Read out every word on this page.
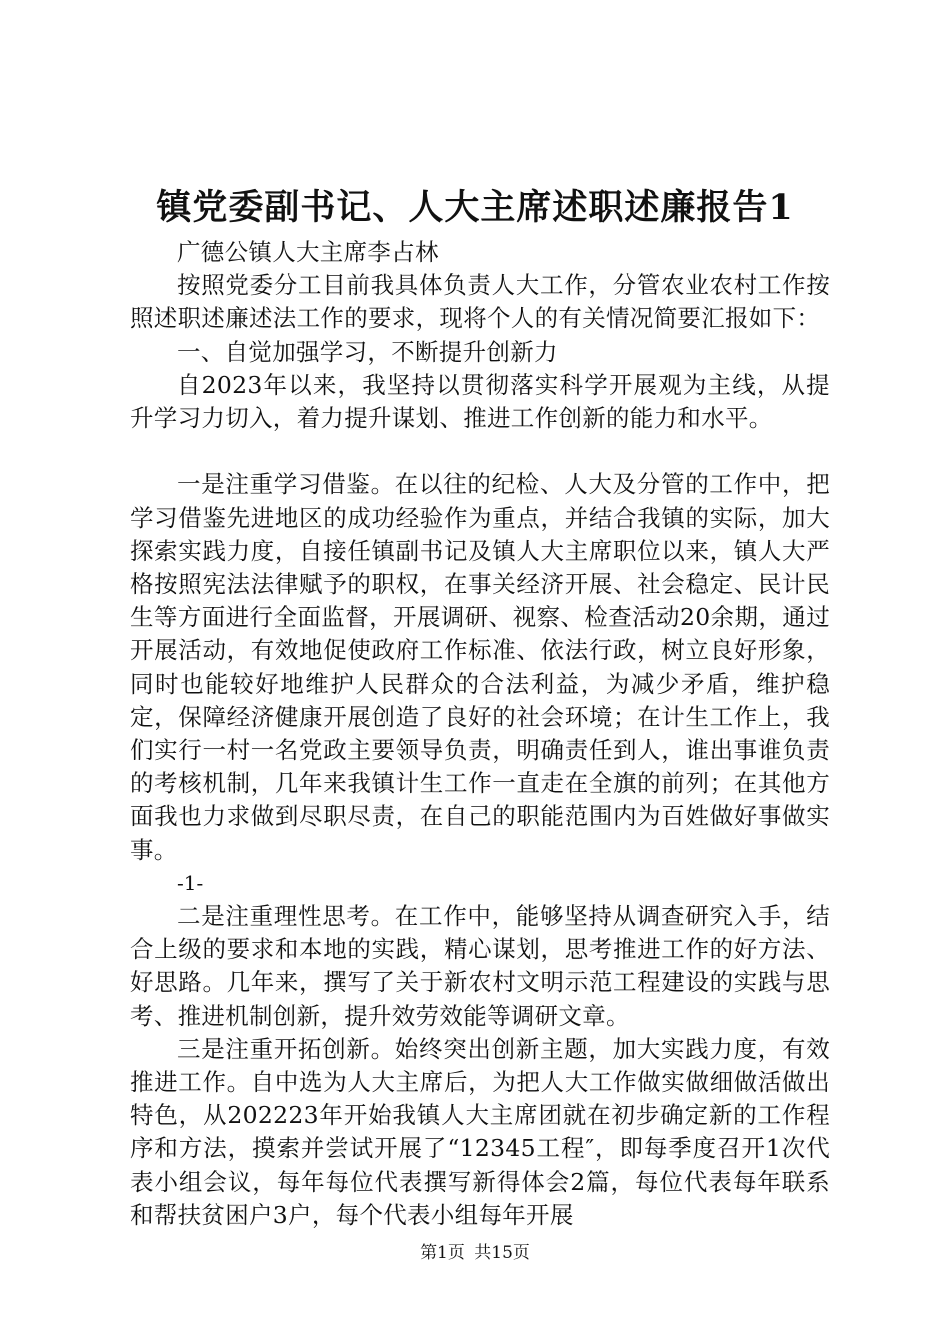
镇党委副书记、人大主席述职述廉报告1

广德公镇人大主席李占林

按照党委分工目前我具体负责人大工作，分管农业农村工作按照述职述廉述法工作的要求，现将个人的有关情况简要汇报如下：

一、自觉加强学习，不断提升创新力

自2023年以来，我坚持以贯彻落实科学开展观为主线，从提升学习力切入，着力提升谋划、推进工作创新的能力和水平。

一是注重学习借鉴。在以往的纪检、人大及分管的工作中，把学习借鉴先进地区的成功经验作为重点，并结合我镇的实际，加大探索实践力度，自接任镇副书记及镇人大主席职位以来，镇人大严格按照宪法法律赋予的职权，在事关经济开展、社会稳定、民计民生等方面进行全面监督，开展调研、视察、检查活动20余期，通过开展活动，有效地促使政府工作标准、依法行政，树立良好形象，同时也能较好地维护人民群众的合法利益，为减少矛盾，维护稳定，保障经济健康开展创造了良好的社会环境；在计生工作上，我们实行一村一名党政主要领导负责，明确责任到人，谁出事谁负责的考核机制，几年来我镇计生工作一直走在全旗的前列；在其他方面我也力求做到尽职尽责，在自己的职能范围内为百姓做好事做实事。

-1-

二是注重理性思考。在工作中，能够坚持从调查研究入手，结合上级的要求和本地的实践，精心谋划，思考推进工作的好方法、好思路。几年来，撰写了关于新农村文明示范工程建设的实践与思考、推进机制创新，提升效劳效能等调研文章。

三是注重开拓创新。始终突出创新主题，加大实践力度，有效推进工作。自中选为人大主席后，为把人大工作做实做细做活做出特色，从202223年开始我镇人大主席团就在初步确定新的工作程序和方法，摸索并尝试开展了“12345工程″，即每季度召开1次代表小组会议，每年每位代表撰写新得体会2篇，每位代表每年联系和帮扶贫困户3户，每个代表小组每年开展

第1页 共15页
